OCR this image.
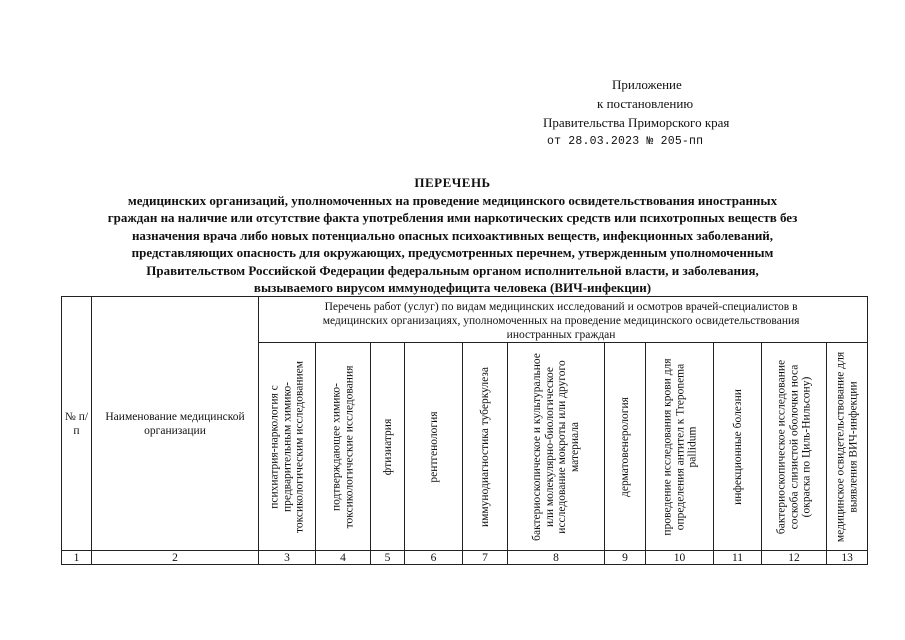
Приложение
к постановлению
Правительства Приморского края
от 28.03.2023 № 205-пп
ПЕРЕЧЕНЬ
медицинских организаций, уполномоченных на проведение медицинского освидетельствования иностранных
граждан на наличие или отсутствие факта употребления ими наркотических средств или психотропных веществ без
назначения врача либо новых потенциально опасных психоактивных веществ, инфекционных заболеваний,
представляющих опасность для окружающих, предусмотренных перечнем, утвержденным уполномоченным
Правительством Российской Федерации федеральным органом исполнительной власти, и заболевания,
вызываемого вирусом иммунодефицита человека (ВИЧ-инфекции)
№ п/п	Наименование медицинской организации	Перечень работ (услуг) по видам медицинских исследований и осмотров врачей-специалистов в
медицинских организациях, уполномоченных на проведение медицинского освидетельствования
иностранных граждан										

		психиатрия-наркология с предварительным химико-токсикологическим исследованием	подтверждающее химико-токсикологические исследования	фтизиатрия	рентгенология	иммунодиагностика туберкулеза	бактериоскопическое и культуральное или молекулярно-биологическое исследование мокроты или другого материала	дерматовенерология	проведение исследования крови для определения антител к Treponema pallidum	инфекционные болезни	бактериоскопическое исследование соскоба слизистой оболочки носа (окраска по Циль-Нильсону)	медицинское освидетельствование для выявления ВИЧ-инфекции

1	2	3	4	5	6	7	8	9	10	11	12	13
